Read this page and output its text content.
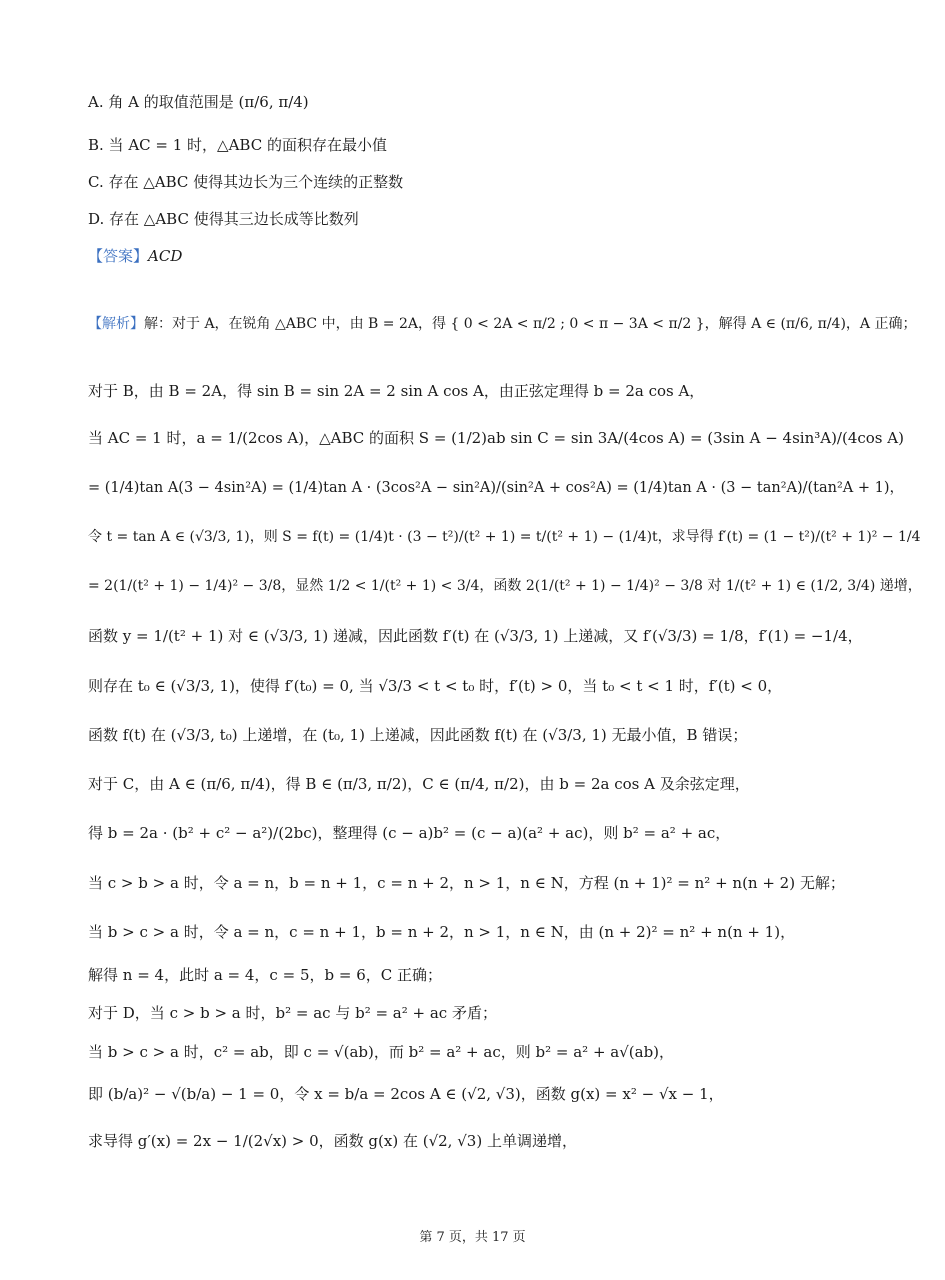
A. 角 A 的取值范围是 (π/6, π/4)
B. 当 AC = 1 时，△ABC 的面积存在最小值
C. 存在 △ABC 使得其边长为三个连续的正整数
D. 存在 △ABC 使得其三边长成等比数列
【答案】ACD
【解析】解：对于 A，在锐角 △ABC 中，由 B = 2A，得 { 0 < 2A < π/2 ; 0 < π − 3A < π/2 }，解得 A ∈ (π/6, π/4)，A 正确；
对于 B，由 B = 2A，得 sin B = sin 2A = 2 sin A cos A，由正弦定理得 b = 2a cos A，
当 AC = 1 时，a = 1/(2cos A)，△ABC 的面积 S = (1/2)ab sin C = sin 3A/(4cos A) = (3sin A − 4sin³A)/(4cos A)
= (1/4)tan A(3 − 4sin²A) = (1/4)tan A · (3cos²A − sin²A)/(sin²A + cos²A) = (1/4)tan A · (3 − tan²A)/(tan²A + 1)，
令 t = tan A ∈ (√3/3, 1)，则 S = f(t) = (1/4)t · (3 − t²)/(t² + 1) = t/(t² + 1) − (1/4)t，求导得 f′(t) = (1 − t²)/(t² + 1)² − 1/4
= 2(1/(t² + 1) − 1/4)² − 3/8，显然 1/2 < 1/(t² + 1) < 3/4，函数 2(1/(t² + 1) − 1/4)² − 3/8 对 1/(t² + 1) ∈ (1/2, 3/4) 递增，
函数 y = 1/(t² + 1) 对 ∈ (√3/3, 1) 递减，因此函数 f′(t) 在 (√3/3, 1) 上递减，又 f′(√3/3) = 1/8，f′(1) = −1/4，
则存在 t₀ ∈ (√3/3, 1)，使得 f′(t₀) = 0, 当 √3/3 < t < t₀ 时，f′(t) > 0，当 t₀ < t < 1 时，f′(t) < 0，
函数 f(t) 在 (√3/3, t₀) 上递增，在 (t₀, 1) 上递减，因此函数 f(t) 在 (√3/3, 1) 无最小值，B 错误；
对于 C，由 A ∈ (π/6, π/4)，得 B ∈ (π/3, π/2)，C ∈ (π/4, π/2)，由 b = 2a cos A 及余弦定理，
得 b = 2a · (b² + c² − a²)/(2bc)，整理得 (c − a)b² = (c − a)(a² + ac)，则 b² = a² + ac，
当 c > b > a 时，令 a = n，b = n + 1，c = n + 2，n > 1，n ∈ N，方程 (n + 1)² = n² + n(n + 2) 无解；
当 b > c > a 时，令 a = n，c = n + 1，b = n + 2，n > 1，n ∈ N，由 (n + 2)² = n² + n(n + 1)，
解得 n = 4，此时 a = 4，c = 5，b = 6，C 正确；
对于 D，当 c > b > a 时，b² = ac 与 b² = a² + ac 矛盾；
当 b > c > a 时，c² = ab，即 c = √(ab)，而 b² = a² + ac，则 b² = a² + a√(ab)，
即 (b/a)² − √(b/a) − 1 = 0，令 x = b/a = 2cos A ∈ (√2, √3)，函数 g(x) = x² − √x − 1，
求导得 g′(x) = 2x − 1/(2√x) > 0，函数 g(x) 在 (√2, √3) 上单调递增，
第 7 页，共 17 页
